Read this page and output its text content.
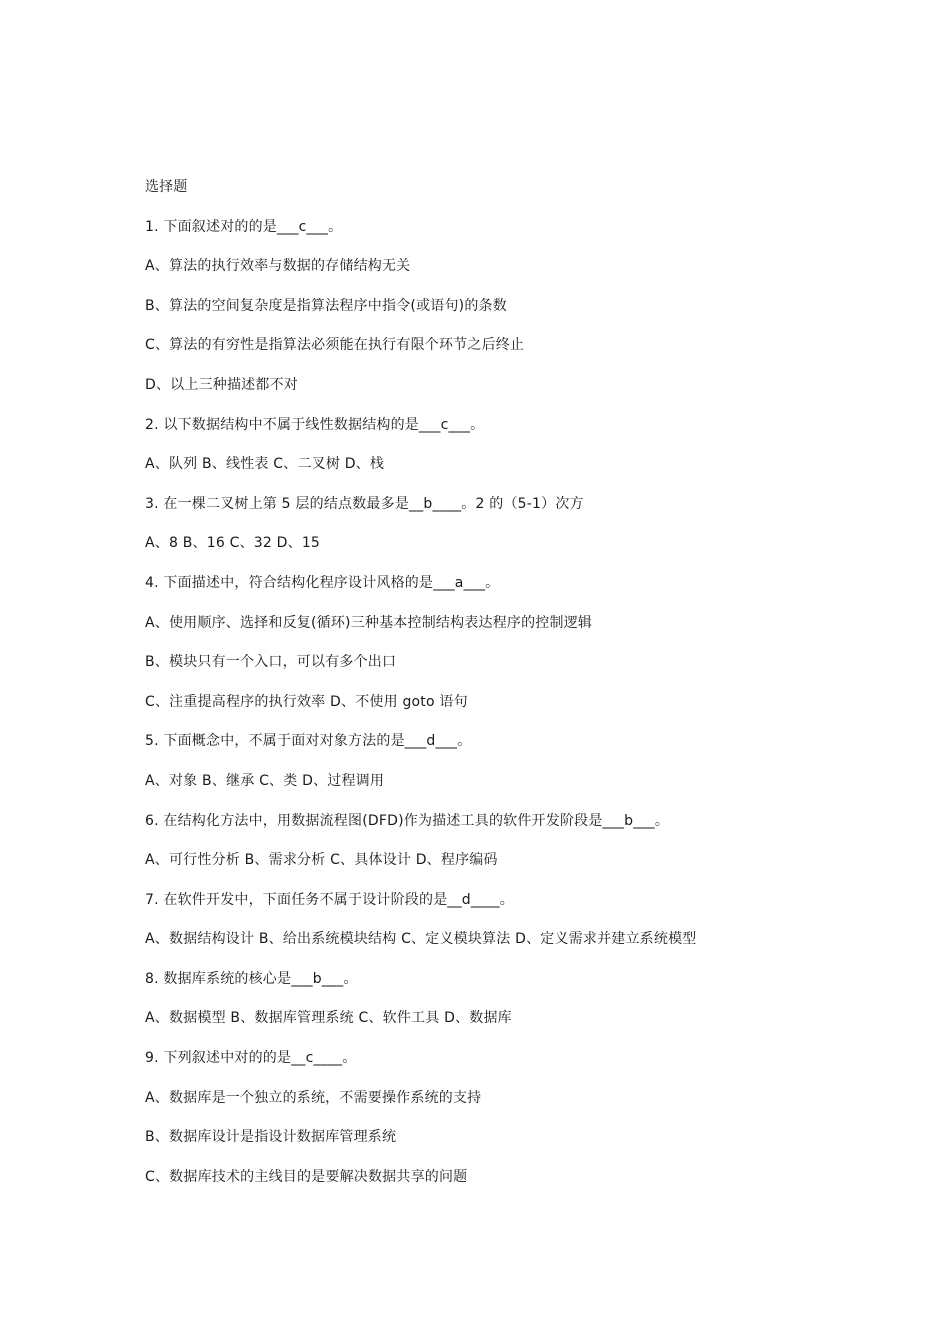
选择题
1. 下面叙述对的的是___c___。
A、算法的执行效率与数据的存储结构无关
B、算法的空间复杂度是指算法程序中指令(或语句)的条数
C、算法的有穷性是指算法必须能在执行有限个环节之后终止
D、以上三种描述都不对
2. 以下数据结构中不属于线性数据结构的是___c___。
A、队列 B、线性表 C、二叉树 D、栈
3. 在一棵二叉树上第 5 层的结点数最多是__b____。2 的（5-1）次方
A、8 B、16 C、32 D、15
4. 下面描述中，符合结构化程序设计风格的是___a___。
A、使用顺序、选择和反复(循环)三种基本控制结构表达程序的控制逻辑
B、模块只有一个入口，可以有多个出口
C、注重提高程序的执行效率 D、不使用 goto 语句
5. 下面概念中，不属于面对对象方法的是___d___。
A、对象 B、继承 C、类 D、过程调用
6. 在结构化方法中，用数据流程图(DFD)作为描述工具的软件开发阶段是___b___。
A、可行性分析 B、需求分析 C、具体设计 D、程序编码
7. 在软件开发中，下面任务不属于设计阶段的是__d____。
A、数据结构设计 B、给出系统模块结构 C、定义模块算法 D、定义需求并建立系统模型
8. 数据库系统的核心是___b___。
A、数据模型 B、数据库管理系统 C、软件工具 D、数据库
9. 下列叙述中对的的是__c____。
A、数据库是一个独立的系统，不需要操作系统的支持
B、数据库设计是指设计数据库管理系统
C、数据库技术的主线目的是要解决数据共享的问题
